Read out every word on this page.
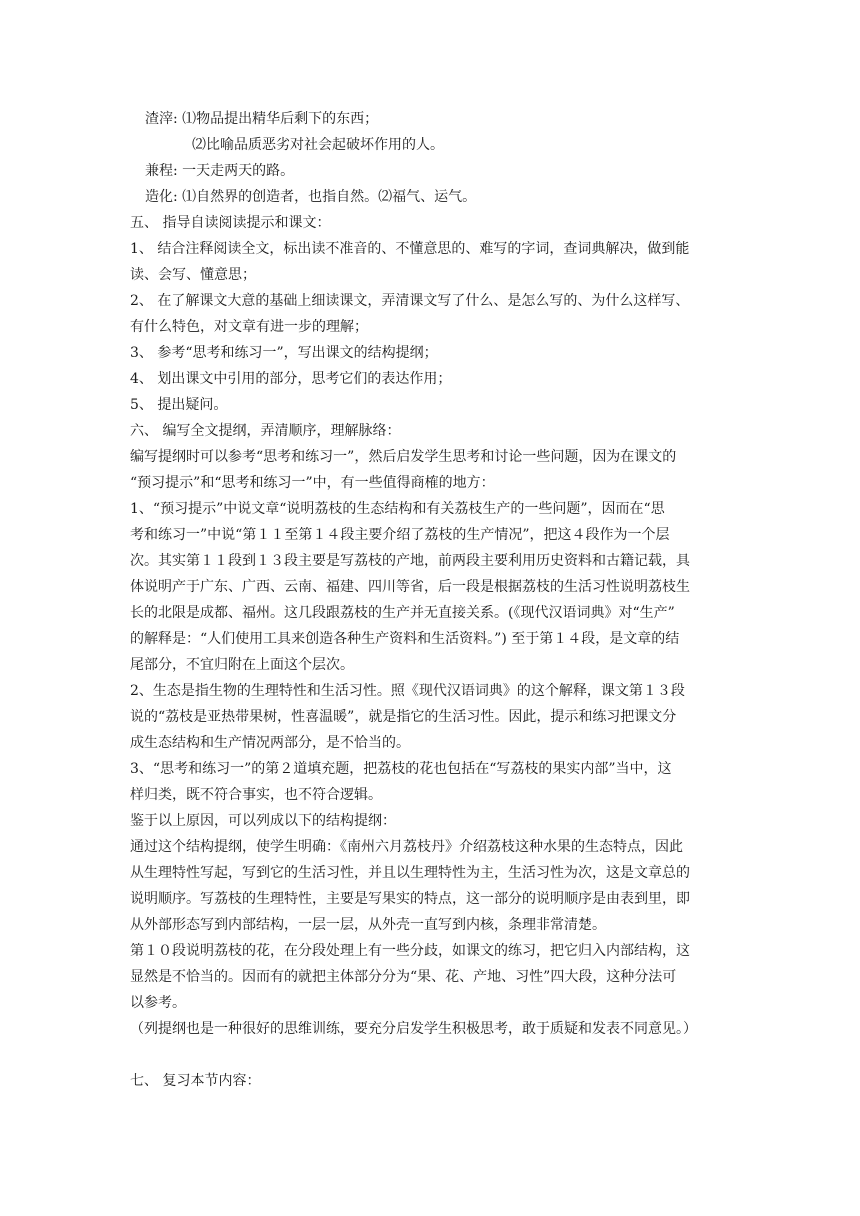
渣滓: ⑴物品提出精华后剩下的东西；
⑵比喻品质恶劣对社会起破坏作用的人。
兼程: 一天走两天的路。
造化: ⑴自然界的创造者，也指自然。⑵福气、运气。
五、 指导自读阅读提示和课文：
1、 结合注释阅读全文，标出读不准音的、不懂意思的、难写的字词，查词典解决，做到能
读、会写、懂意思；
2、 在了解课文大意的基础上细读课文，弄清课文写了什么、是怎么写的、为什么这样写、
有什么特色，对文章有进一步的理解；
3、 参考“思考和练习一”，写出课文的结构提纲；
4、 划出课文中引用的部分，思考它们的表达作用；
5、 提出疑问。
六、 编写全文提纲，弄清顺序，理解脉络：
编写提纲时可以参考“思考和练习一”，然后启发学生思考和讨论一些问题，因为在课文的
“预习提示”和“思考和练习一”中，有一些值得商榷的地方：
1、“预习提示”中说文章“说明荔枝的生态结构和有关荔枝生产的一些问题”，因而在“思
考和练习一”中说“第１１至第１４段主要介绍了荔枝的生产情况”，把这４段作为一个层
次。其实第１１段到１３段主要是写荔枝的产地，前两段主要利用历史资料和古籍记载，具
体说明产于广东、广西、云南、福建、四川等省，后一段是根据荔枝的生活习性说明荔枝生
长的北限是成都、福州。这几段跟荔枝的生产并无直接关系。(《现代汉语词典》对“生产”
的解释是：“人们使用工具来创造各种生产资料和生活资料。”) 至于第１４段，是文章的结
尾部分，不宜归附在上面这个层次。
2、生态是指生物的生理特性和生活习性。照《现代汉语词典》的这个解释，课文第１３段
说的“荔枝是亚热带果树，性喜温暖”，就是指它的生活习性。因此，提示和练习把课文分
成生态结构和生产情况两部分，是不恰当的。
3、“思考和练习一”的第２道填充题，把荔枝的花也包括在“写荔枝的果实内部”当中，这
样归类，既不符合事实，也不符合逻辑。
鉴于以上原因，可以列成以下的结构提纲：
通过这个结构提纲，使学生明确：《南州六月荔枝丹》介绍荔枝这种水果的生态特点，因此
从生理特性写起，写到它的生活习性，并且以生理特性为主，生活习性为次，这是文章总的
说明顺序。写荔枝的生理特性，主要是写果实的特点，这一部分的说明顺序是由表到里，即
从外部形态写到内部结构，一层一层，从外壳一直写到内核，条理非常清楚。
第１０段说明荔枝的花，在分段处理上有一些分歧，如课文的练习，把它归入内部结构，这
显然是不恰当的。因而有的就把主体部分分为“果、花、产地、习性”四大段，这种分法可
以参考。
（列提纲也是一种很好的思维训练，要充分启发学生积极思考，敢于质疑和发表不同意见。）
七、 复习本节内容：
